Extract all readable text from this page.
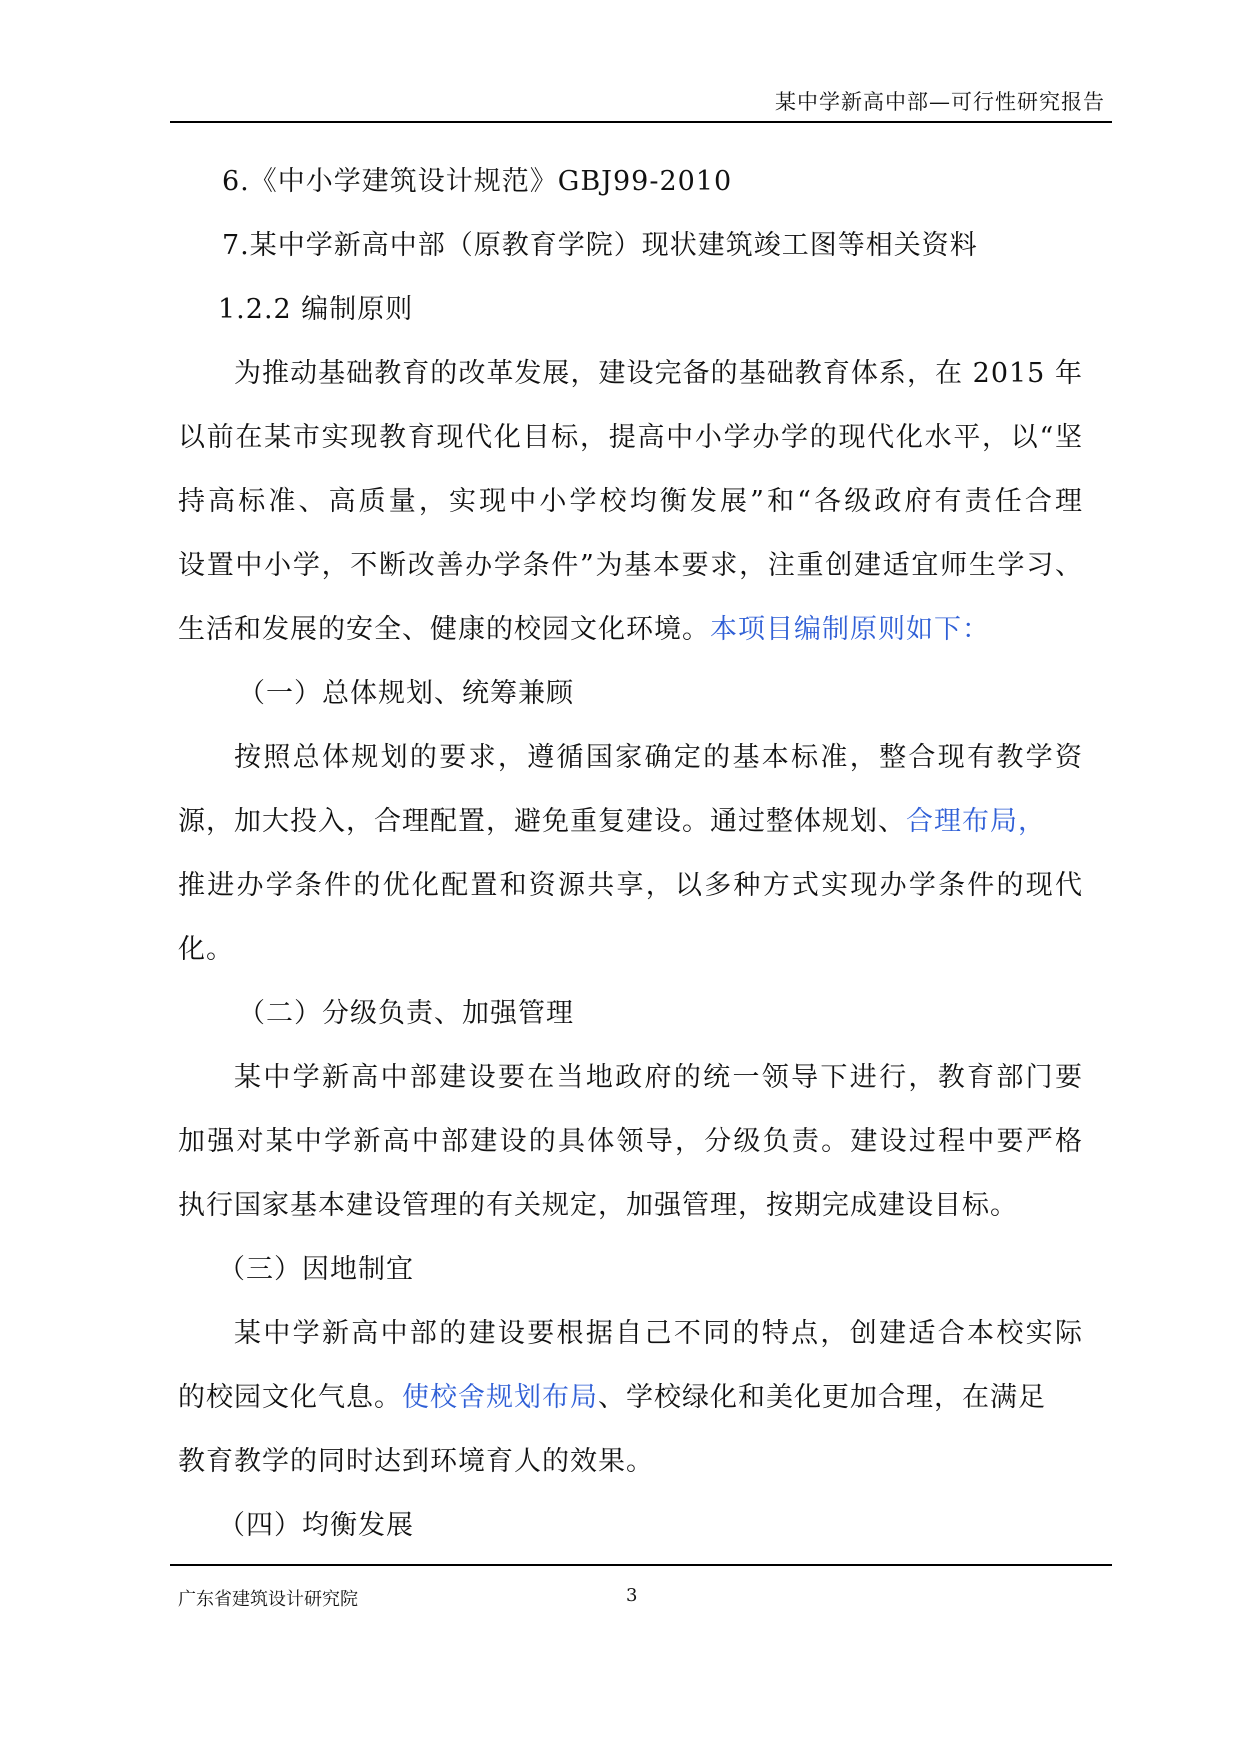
某中学新高中部—可行性研究报告
6.《中小学建筑设计规范》GBJ99-2010
7.某中学新高中部（原教育学院）现状建筑竣工图等相关资料
1.2.2 编制原则
为推动基础教育的改革发展，建设完备的基础教育体系，在 2015 年
以前在某市实现教育现代化目标，提高中小学办学的现代化水平，以“坚
持高标准、高质量，实现中小学校均衡发展”和“各级政府有责任合理
设置中小学，不断改善办学条件”为基本要求，注重创建适宜师生学习、
生活和发展的安全、健康的校园文化环境。本项目编制原则如下：
（一）总体规划、统筹兼顾
按照总体规划的要求，遵循国家确定的基本标准，整合现有教学资
源，加大投入，合理配置，避免重复建设。通过整体规划、合理布局，
推进办学条件的优化配置和资源共享，以多种方式实现办学条件的现代
化。
（二）分级负责、加强管理
某中学新高中部建设要在当地政府的统一领导下进行，教育部门要
加强对某中学新高中部建设的具体领导，分级负责。建设过程中要严格
执行国家基本建设管理的有关规定，加强管理，按期完成建设目标。
（三）因地制宜
某中学新高中部的建设要根据自己不同的特点，创建适合本校实际
的校园文化气息。使校舍规划布局、学校绿化和美化更加合理，在满足
教育教学的同时达到环境育人的效果。
（四）均衡发展
广东省建筑设计研究院	3
